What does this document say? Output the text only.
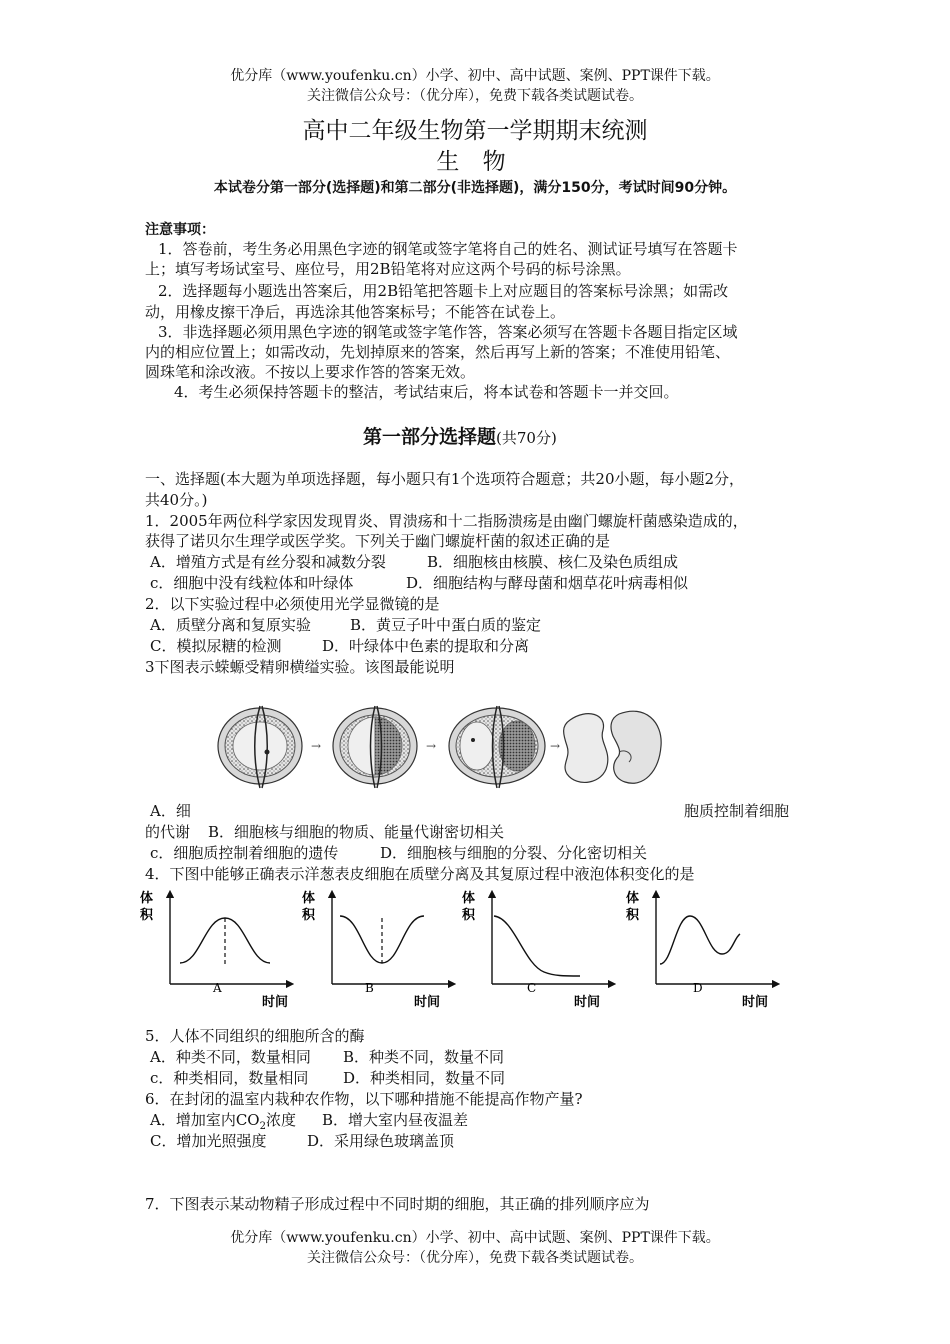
优分库（www.youfenku.cn）小学、初中、高中试题、案例、PPT课件下载。
关注微信公众号：（优分库），免费下载各类试题试卷。
高中二年级生物第一学期期末统测
生 物
本试卷分第一部分(选择题)和第二部分(非选择题)，满分150分，考试时间90分钟。
注意事项：
1．答卷前，考生务必用黑色字迹的钢笔或签字笔将自己的姓名、测试证号填写在答题卡
上；填写考场试室号、座位号，用2B铅笔将对应这两个号码的标号涂黑。
2．选择题每小题选出答案后，用2B铅笔把答题卡上对应题目的答案标号涂黑；如需改
动，用橡皮擦干净后，再选涂其他答案标号；不能答在试卷上。
3．非选择题必须用黑色字迹的钢笔或签字笔作答，答案必须写在答题卡各题目指定区域
内的相应位置上；如需改动，先划掉原来的答案，然后再写上新的答案；不准使用铅笔、
圆珠笔和涂改液。不按以上要求作答的答案无效。
4．考生必须保持答题卡的整洁，考试结束后，将本试卷和答题卡一并交回。
第一部分选择题(共70分)
一、选择题(本大题为单项选择题，每小题只有1个选项符合题意；共20小题，每小题2分，
共40分。)
1．2005年两位科学家因发现胃炎、胃溃疡和十二指肠溃疡是由幽门螺旋杆菌感染造成的，
获得了诺贝尔生理学或医学奖。下列关于幽门螺旋杆菌的叙述正确的是
A．增殖方式是有丝分裂和减数分裂	B．细胞核由核膜、核仁及染色质组成
c．细胞中没有线粒体和叶绿体	D．细胞结构与酵母菌和烟草花叶病毒相似
2．以下实验过程中必须使用光学显微镜的是
A．质壁分离和复原实验	B．黄豆子叶中蛋白质的鉴定
C．模拟尿糖的检测	D．叶绿体中色素的提取和分离
3下图表示蝾螈受精卵横缢实验。该图最能说明
→	→	→
A．细	胞质控制着细胞
的代谢 B．细胞核与细胞的物质、能量代谢密切相关
c．细胞质控制着细胞的遗传	D．细胞核与细胞的分裂、分化密切相关
4．下图中能够正确表示洋葱表皮细胞在质壁分离及其复原过程中液泡体积变化的是
体
积
A
时间
体
积
B
时间
体
积
C
时间
体
积
D
时间
5．人体不同组织的细胞所含的酶
A．种类不同，数量相同 B．种类不同，数量不同
c．种类相同，数量相同 D．种类相同，数量不同
6．在封闭的温室内栽种农作物，以下哪种措施不能提高作物产量?
A．增加室内$CO_2$浓度 B．增大室内昼夜温差
C．增加光照强度	D．采用绿色玻璃盖顶
7．下图表示某动物精子形成过程中不同时期的细胞，其正确的排列顺序应为
优分库（www.youfenku.cn）小学、初中、高中试题、案例、PPT课件下载。
关注微信公众号：（优分库），免费下载各类试题试卷。
